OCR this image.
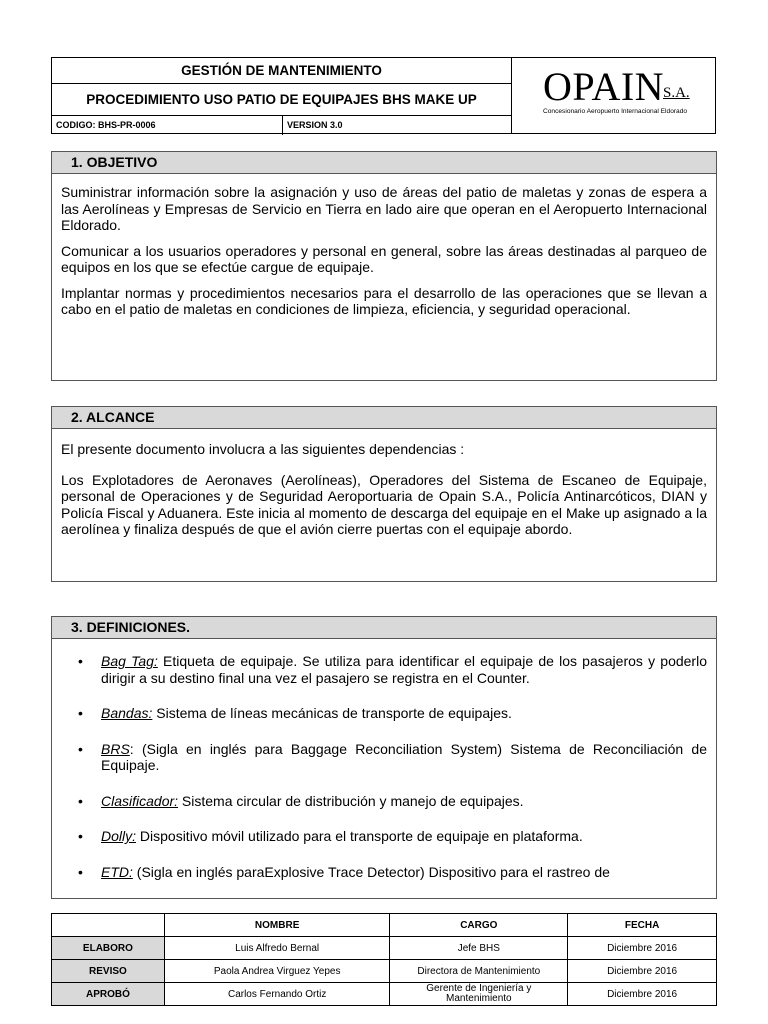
GESTIÓN DE MANTENIMIENTO
PROCEDIMIENTO USO PATIO DE EQUIPAJES BHS MAKE UP
CODIGO: BHS-PR-0006	VERSION 3.0
OPAIN
S.A.
Concesionario Aeropuerto Internacional Eldorado
1. OBJETIVO

Suministrar información sobre la asignación y uso de áreas del patio de maletas y zonas de espera a las Aerolíneas y Empresas de Servicio en Tierra en lado aire que operan en el Aeropuerto Internacional Eldorado.

Comunicar a los usuarios operadores y personal en general, sobre las áreas destinadas al parqueo de equipos en los que se efectúe cargue de equipaje.

Implantar normas y procedimientos necesarios para el desarrollo de las operaciones que se llevan a cabo en el patio de maletas en condiciones de limpieza, eficiencia, y seguridad operacional.

2. ALCANCE

El presente documento involucra a las siguientes dependencias :

Los Explotadores de Aeronaves (Aerolíneas), Operadores del Sistema de Escaneo de Equipaje, personal de Operaciones y de Seguridad Aeroportuaria de Opain S.A., Policía Antinarcóticos, DIAN y Policía Fiscal y Aduanera. Este inicia al momento de descarga del equipaje en el Make up asignado a la aerolínea y finaliza después de que el avión cierre puertas con el equipaje abordo.

3. DEFINICIONES.
• Bag Tag: Etiqueta de equipaje. Se utiliza para identificar el equipaje de los pasajeros y poderlo dirigir a su destino final una vez el pasajero se registra en el Counter.
• Bandas: Sistema de líneas mecánicas de transporte de equipajes.
• BRS: (Sigla en inglés para Baggage Reconciliation System) Sistema de Reconciliación de Equipaje.
• Clasificador: Sistema circular de distribución y manejo de equipajes.
• Dolly: Dispositivo móvil utilizado para el transporte de equipaje en plataforma.
• ETD: (Sigla en inglés paraExplosive Trace Detector) Dispositivo para el rastreo de
	NOMBRE	CARGO	FECHA
ELABORO	Luis Alfredo Bernal	Jefe BHS	Diciembre 2016
REVISO	Paola Andrea Virguez Yepes	Directora de Mantenimiento	Diciembre 2016
APROBÓ	Carlos Fernando Ortiz	Gerente de Ingeniería y Mantenimiento	Diciembre 2016
